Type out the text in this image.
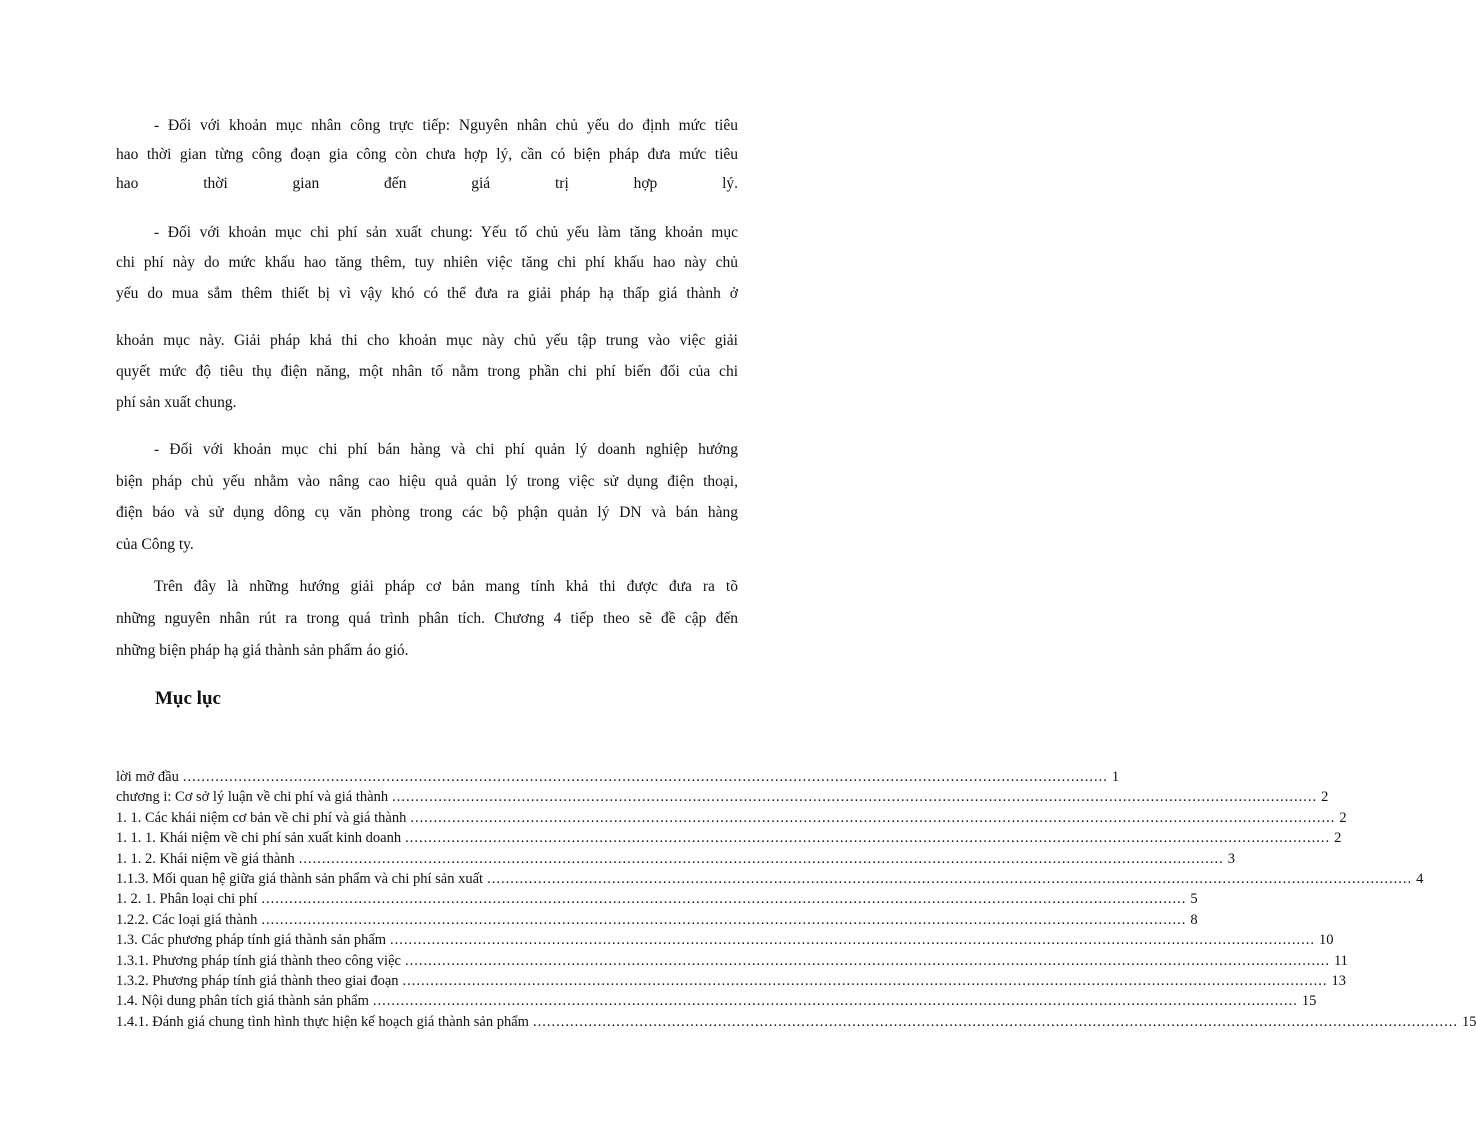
- Đối với khoản mục nhân công trực tiếp: Nguyên nhân chủ yếu do định mức tiêu
hao thời gian từng công đoạn gia công còn chưa hợp lý, cần có biện pháp đưa mức tiêu
hao thời gian đến giá trị hợp lý.
- Đối với khoản mục chi phí sản xuất chung: Yếu tố chủ yếu làm tăng khoản mục
chi phí này do mức khấu hao tăng thêm, tuy nhiên việc tăng chi phí khấu hao này chủ
yếu do mua sắm thêm thiết bị vì vậy khó có thể đưa ra giải pháp hạ thấp giá thành ở
khoản mục này. Giải pháp khả thi cho khoản mục này chủ yếu tập trung vào việc giải
quyết mức độ tiêu thụ điện năng, một nhân tố nằm trong phần chi phí biến đổi của chi
phí sản xuất chung.
- Đối với khoản mục chi phí bán hàng và chi phí quản lý doanh nghiệp hướng
biện pháp chủ yếu nhằm vào nâng cao hiệu quả quản lý trong việc sử dụng điện thoại,
điện báo và sử dụng dông cụ văn phòng trong các bộ phận quản lý DN và bán hàng
của Công ty.
Trên đây là những hướng giải pháp cơ bản mang tính khả thi được đưa ra tõ
những nguyên nhân rút ra trong quá trình phân tích. Chương 4 tiếp theo sẽ đề cập đến
những biện pháp hạ giá thành sản phẩm áo gió.
Mục lục
lời mở đầu ........................................................................................................................................................................................................ 1
chương i: Cơ sở lý luận về chi phí và giá thành ........................................................................................................................................................................................................ 2
1. 1. Các khái niệm cơ bản về chi phí và giá thành ........................................................................................................................................................................................................ 2
1. 1. 1. Khái niệm về chi phí sản xuất kinh doanh ........................................................................................................................................................................................................ 2
1. 1. 2. Khái niệm về giá thành ........................................................................................................................................................................................................ 3
1.1.3. Mối quan hệ giữa giá thành sản phẩm và chi phí sản xuất ........................................................................................................................................................................................................ 4
1. 2. 1. Phân loại chi phí ........................................................................................................................................................................................................ 5
1.2.2. Các loại giá thành ........................................................................................................................................................................................................ 8
1.3. Các phương pháp tính giá thành sản phẩm ........................................................................................................................................................................................................ 10
1.3.1. Phương pháp tính giá thành theo công việc ........................................................................................................................................................................................................ 11
1.3.2. Phương pháp tính giá thành theo giai đoạn ........................................................................................................................................................................................................ 13
1.4. Nội dung phân tích giá thành sản phẩm ........................................................................................................................................................................................................ 15
1.4.1. Đánh giá chung tình hình thực hiện kế hoạch giá thành sản phẩm ........................................................................................................................................................................................................ 15
